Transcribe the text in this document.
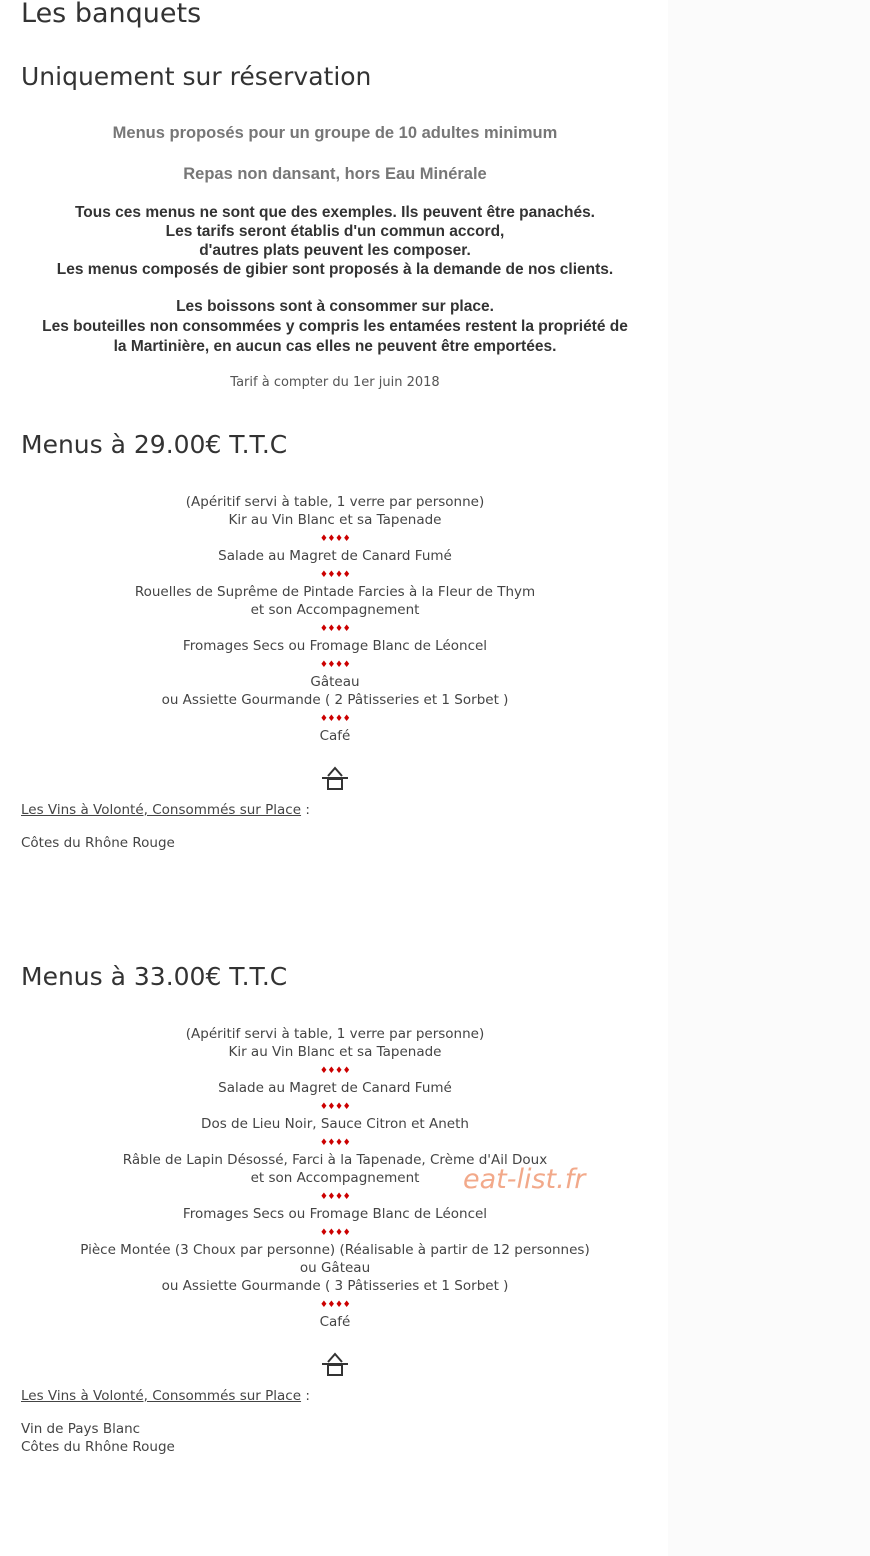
Les banquets
Uniquement sur réservation
Menus proposés pour un groupe de 10 adultes minimum
Repas non dansant, hors Eau Minérale
Tous ces menus ne sont que des exemples. Ils peuvent être panachés.
Les tarifs seront établis d'un commun accord,
d'autres plats peuvent les composer.
Les menus composés de gibier sont proposés à la demande de nos clients.
Les boissons sont à consommer sur place.
Les bouteilles non consommées y compris les entamées restent la propriété de
la Martinière, en aucun cas elles ne peuvent être emportées.
Tarif à compter du 1er juin 2018
Menus à 29.00€ T.T.C
(Apéritif servi à table, 1 verre par personne)
Kir au Vin Blanc et sa Tapenade
♦♦♦♦
Salade au Magret de Canard Fumé
♦♦♦♦
Rouelles de Suprême de Pintade Farcies à la Fleur de Thym
et son Accompagnement
♦♦♦♦
Fromages Secs ou Fromage Blanc de Léoncel
♦♦♦♦
Gâteau
ou Assiette Gourmande ( 2 Pâtisseries et 1 Sorbet )
♦♦♦♦
Café
Les Vins à Volonté, Consommés sur Place :
Côtes du Rhône Rouge
Menus à 33.00€ T.T.C
(Apéritif servi à table, 1 verre par personne)
Kir au Vin Blanc et sa Tapenade
♦♦♦♦
Salade au Magret de Canard Fumé
♦♦♦♦
Dos de Lieu Noir, Sauce Citron et Aneth
♦♦♦♦
Râble de Lapin Désossé, Farci à la Tapenade, Crème d'Ail Doux
et son Accompagnement
♦♦♦♦
Fromages Secs ou Fromage Blanc de Léoncel
♦♦♦♦
Pièce Montée (3 Choux par personne) (Réalisable à partir de 12 personnes)
ou Gâteau
ou Assiette Gourmande ( 3 Pâtisseries et 1 Sorbet )
♦♦♦♦
Café
Les Vins à Volonté, Consommés sur Place :
Vin de Pays Blanc
Côtes du Rhône Rouge
eat-list.fr
